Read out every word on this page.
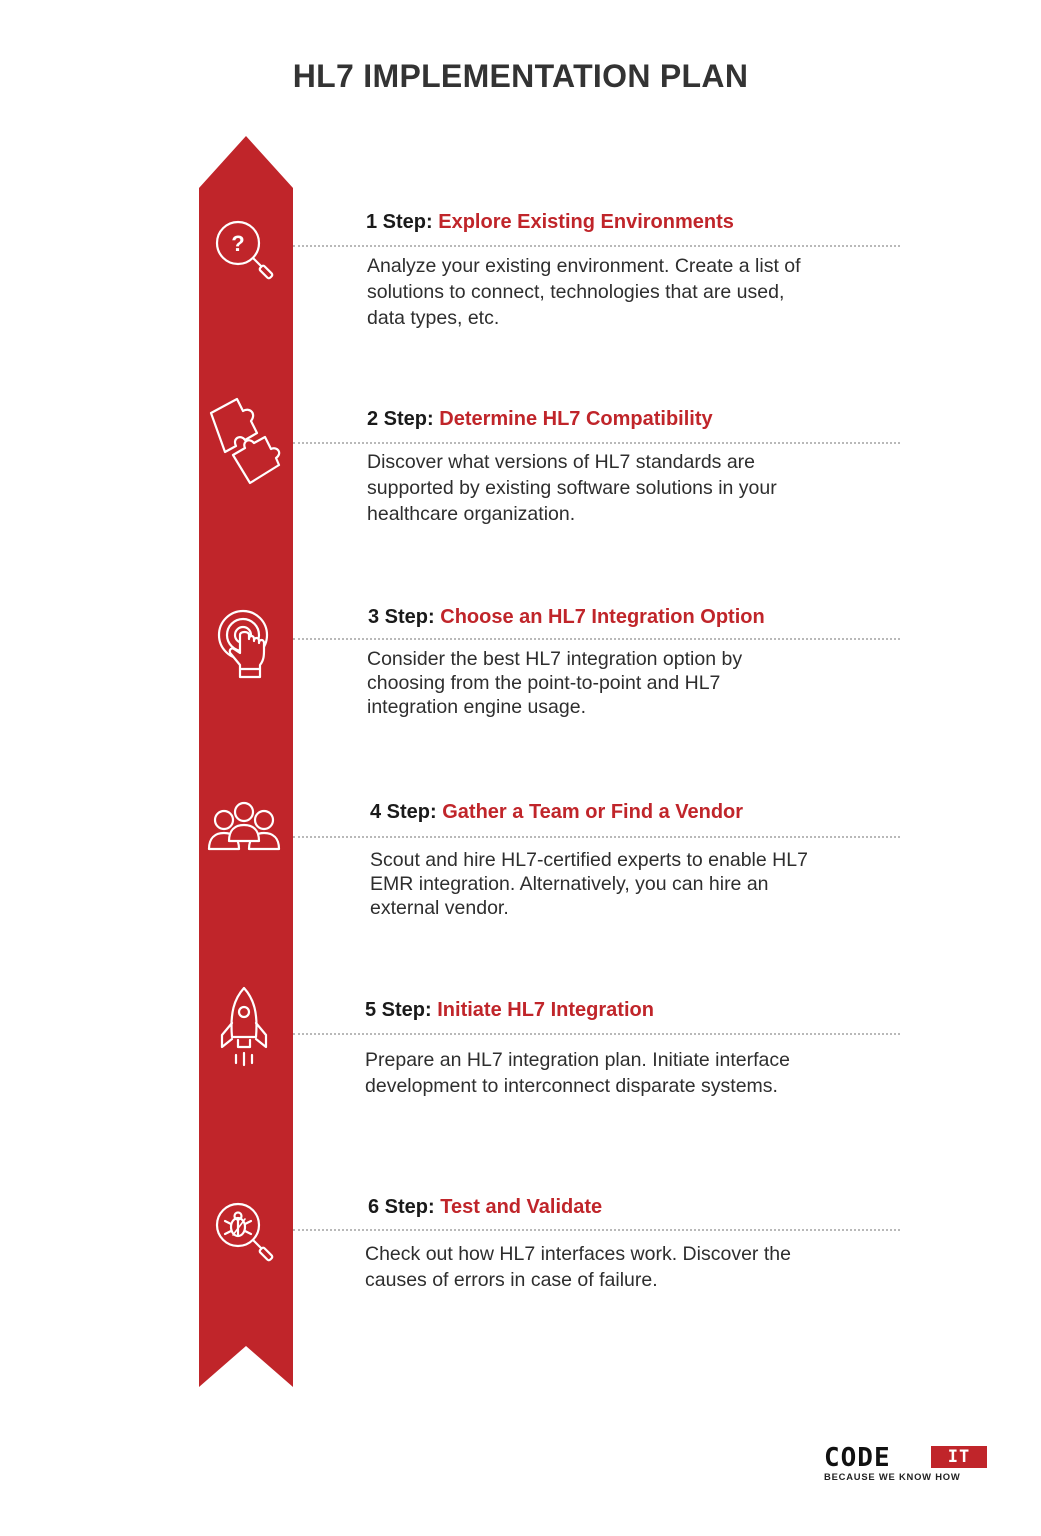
HL7 IMPLEMENTATION PLAN
?
1 Step: Explore Existing Environments
Analyze your existing environment. Create a list of
solutions to connect, technologies that are used,
data types, etc.
2 Step: Determine HL7 Compatibility
Discover what versions of HL7 standards are
supported by existing software solutions in your
healthcare organization.
3 Step: Choose an HL7 Integration Option
Consider the best HL7 integration option by
choosing from the point-to-point and HL7
integration engine usage.
4 Step: Gather a Team or Find a Vendor
Scout and hire HL7-certified experts to enable HL7
EMR integration. Alternatively, you can hire an
external vendor.
5 Step: Initiate HL7 Integration
Prepare an HL7 integration plan. Initiate interface
development to interconnect disparate systems.
6 Step: Test and Validate
Check out how HL7 interfaces work. Discover the
causes of errors in case of failure.
CODE	IT
BECAUSE WE KNOW HOW
